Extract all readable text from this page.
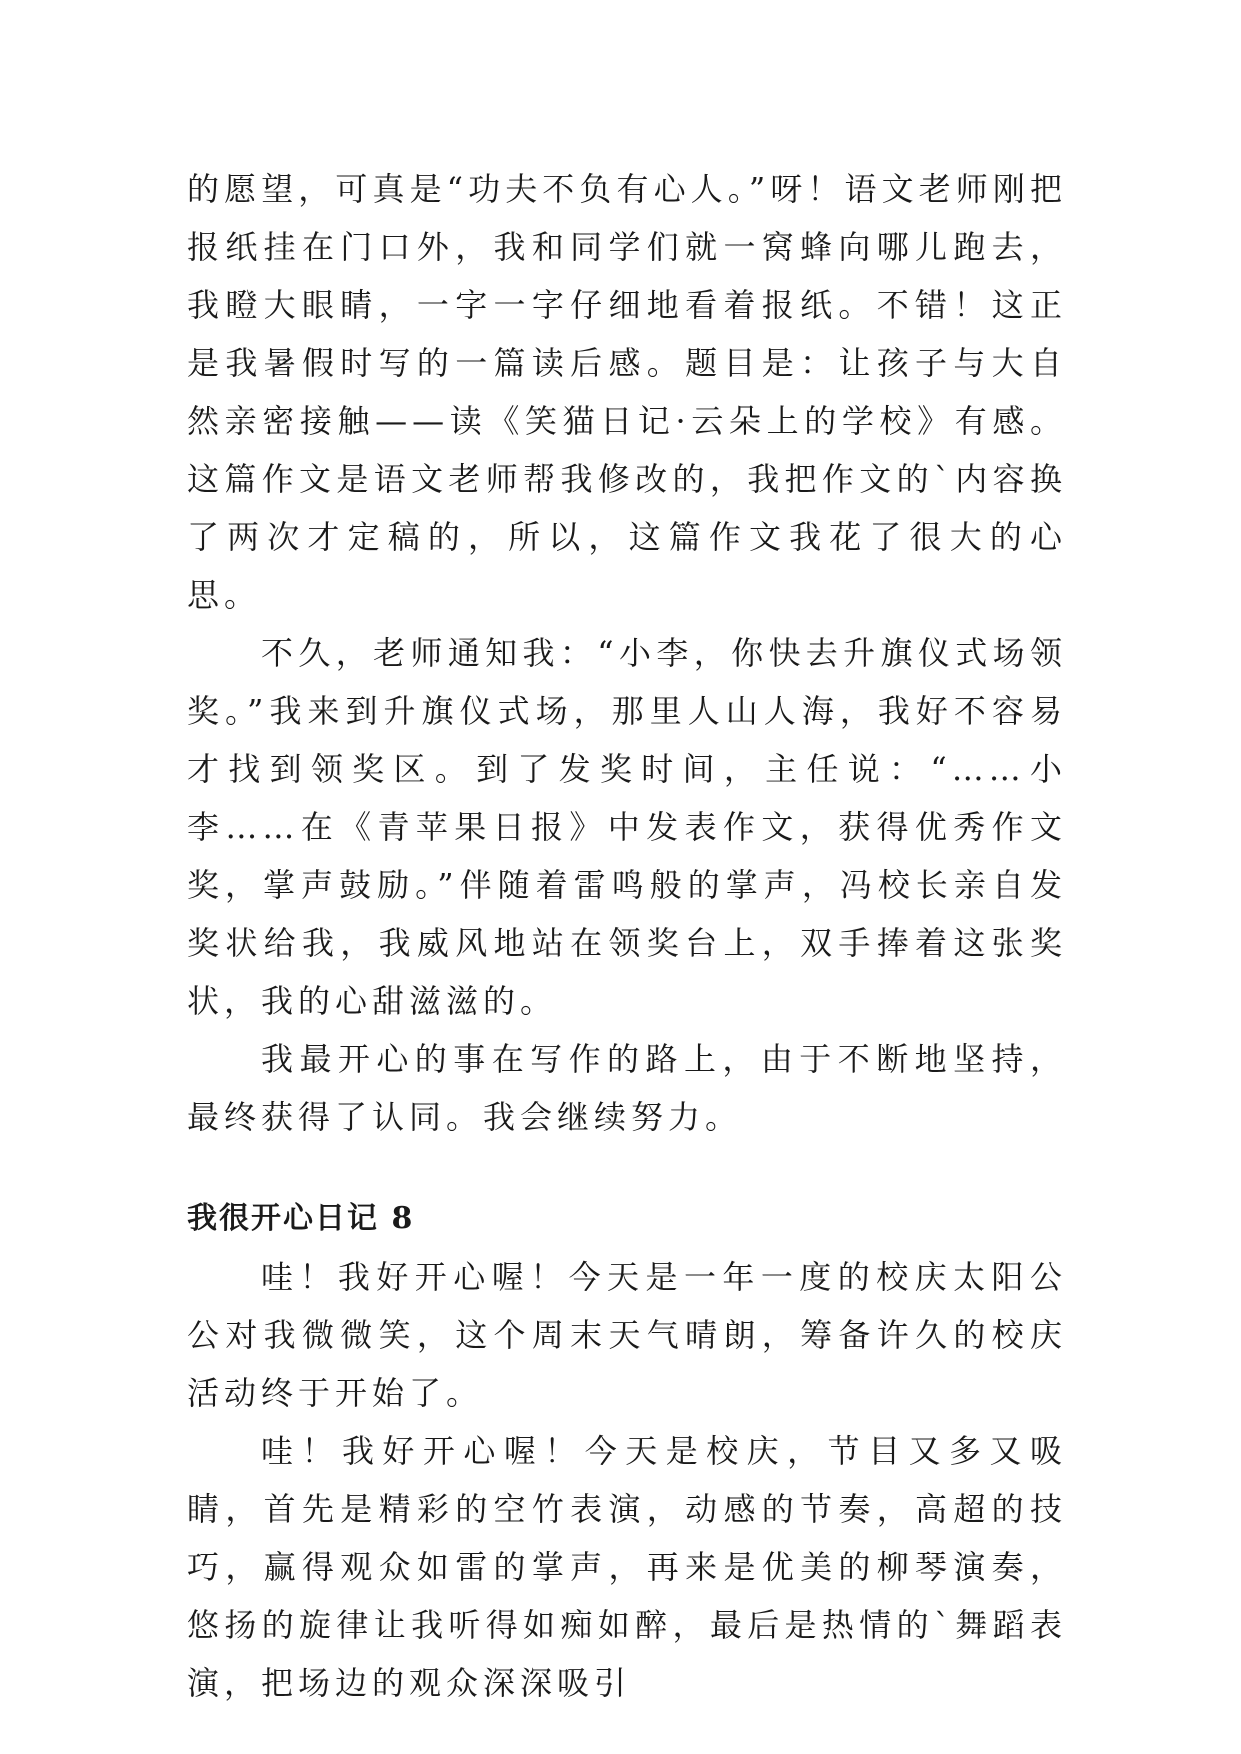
的愿望，可真是“功夫不负有心人。”呀！语文老师刚把报纸挂在门口外，我和同学们就一窝蜂向哪儿跑去，我瞪大眼睛，一字一字仔细地看着报纸。不错！这正是我暑假时写的一篇读后感。题目是：让孩子与大自然亲密接触——读《笑猫日记·云朵上的学校》有感。这篇作文是语文老师帮我修改的，我把作文的`内容换了两次才定稿的，所以，这篇作文我花了很大的心思。

不久，老师通知我：“小李，你快去升旗仪式场领奖。”我来到升旗仪式场，那里人山人海，我好不容易才找到领奖区。到了发奖时间，主任说：“……小李……在《青苹果日报》中发表作文，获得优秀作文奖，掌声鼓励。”伴随着雷鸣般的掌声，冯校长亲自发奖状给我，我威风地站在领奖台上，双手捧着这张奖状，我的心甜滋滋的。

我最开心的事在写作的路上，由于不断地坚持，最终获得了认同。我会继续努力。

我很开心日记 8

哇！我好开心喔！今天是一年一度的校庆太阳公公对我微微笑，这个周末天气晴朗，筹备许久的校庆活动终于开始了。

哇！我好开心喔！今天是校庆，节目又多又吸睛，首先是精彩的空竹表演，动感的节奏，高超的技巧，赢得观众如雷的掌声，再来是优美的柳琴演奏，悠扬的旋律让我听得如痴如醉，最后是热情的`舞蹈表演，把场边的观众深深吸引
